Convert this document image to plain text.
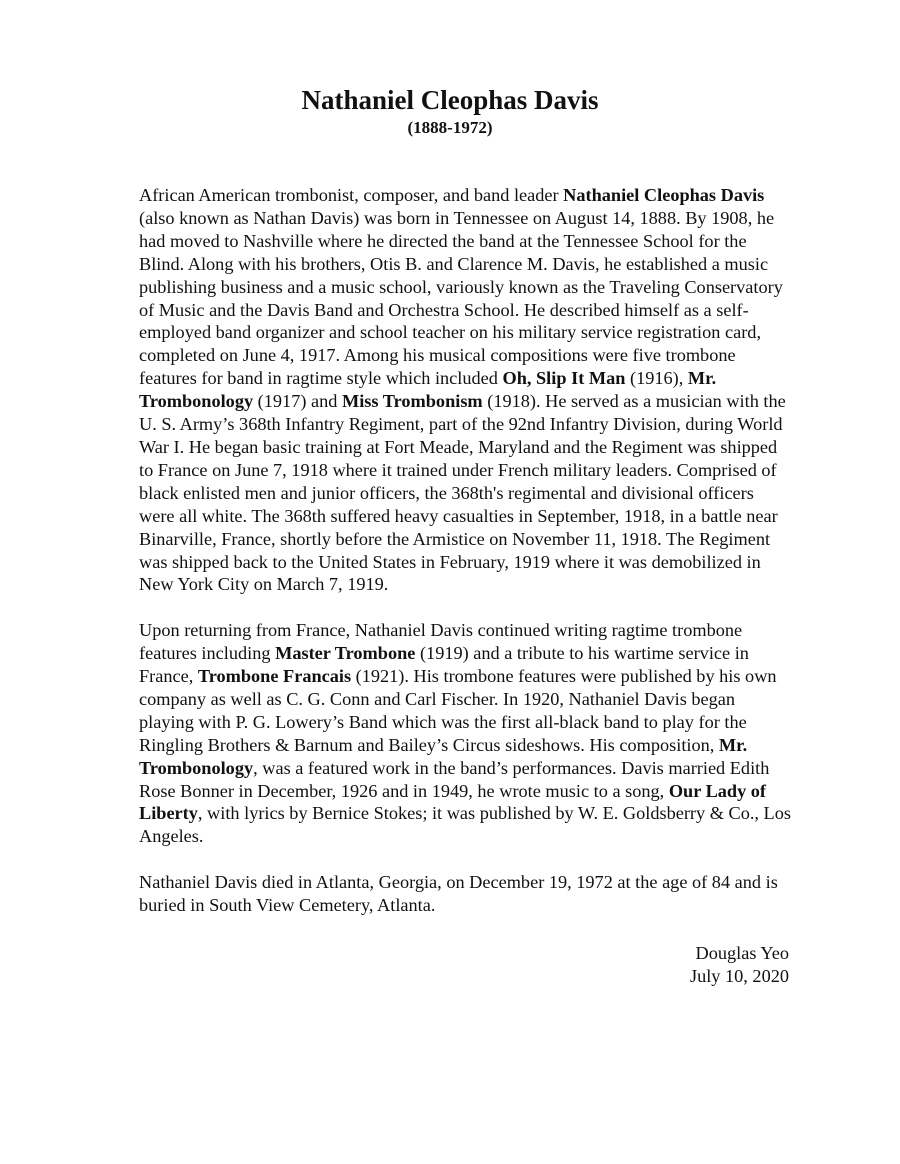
Nathaniel Cleophas Davis
(1888-1972)

African American trombonist, composer, and band leader Nathaniel Cleophas Davis (also known as Nathan Davis) was born in Tennessee on August 14, 1888. By 1908, he had moved to Nashville where he directed the band at the Tennessee School for the Blind. Along with his brothers, Otis B. and Clarence M. Davis, he established a music publishing business and a music school, variously known as the Traveling Conservatory of Music and the Davis Band and Orchestra School. He described himself as a self-employed band organizer and school teacher on his military service registration card, completed on June 4, 1917. Among his musical compositions were five trombone features for band in ragtime style which included Oh, Slip It Man (1916), Mr. Trombonology (1917) and Miss Trombonism (1918). He served as a musician with the U. S. Army’s 368th Infantry Regiment, part of the 92nd Infantry Division, during World War I. He began basic training at Fort Meade, Maryland and the Regiment was shipped to France on June 7, 1918 where it trained under French military leaders. Comprised of black enlisted men and junior officers, the 368th's regimental and divisional officers were all white. The 368th suffered heavy casualties in September, 1918, in a battle near Binarville, France, shortly before the Armistice on November 11, 1918. The Regiment was shipped back to the United States in February, 1919 where it was demobilized in New York City on March 7, 1919.

Upon returning from France, Nathaniel Davis continued writing ragtime trombone features including Master Trombone (1919) and a tribute to his wartime service in France, Trombone Francais (1921). His trombone features were published by his own company as well as C. G. Conn and Carl Fischer. In 1920, Nathaniel Davis began playing with P. G. Lowery’s Band which was the first all-black band to play for the Ringling Brothers & Barnum and Bailey’s Circus sideshows. His composition, Mr. Trombonology, was a featured work in the band’s performances. Davis married Edith Rose Bonner in December, 1926 and in 1949, he wrote music to a song, Our Lady of Liberty, with lyrics by Bernice Stokes; it was published by W. E. Goldsberry & Co., Los Angeles.

Nathaniel Davis died in Atlanta, Georgia, on December 19, 1972 at the age of 84 and is buried in South View Cemetery, Atlanta.

Douglas Yeo
July 10, 2020
